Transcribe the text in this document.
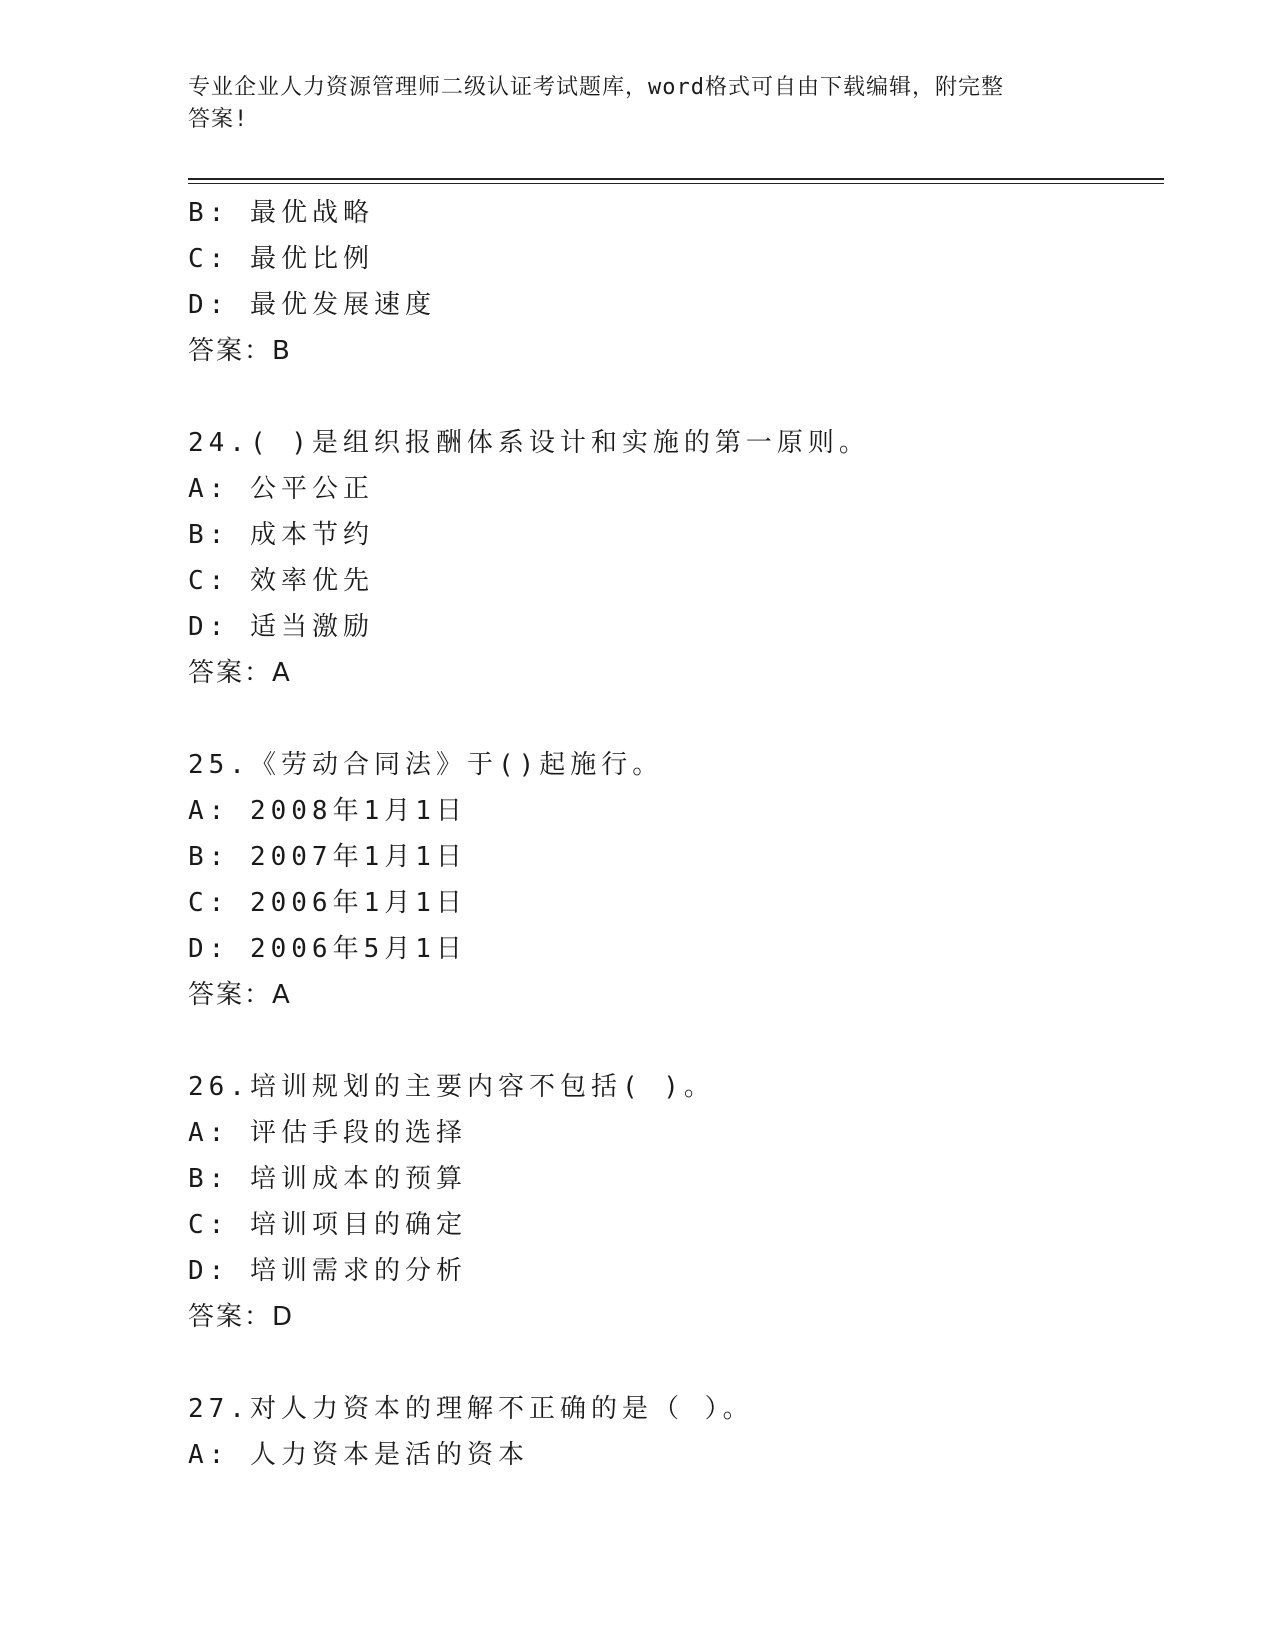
专业企业人力资源管理师二级认证考试题库，word格式可自由下载编辑，附完整
答案!
B: 最优战略
C: 最优比例
D: 最优发展速度
答案：B
24.( )是组织报酬体系设计和实施的第一原则。
A: 公平公正
B: 成本节约
C: 效率优先
D: 适当激励
答案：A
25.《劳动合同法》于()起施行。
A: 2008年1月1日
B: 2007年1月1日
C: 2006年1月1日
D: 2006年5月1日
答案：A
26.培训规划的主要内容不包括( )。
A: 评估手段的选择
B: 培训成本的预算
C: 培训项目的确定
D: 培训需求的分析
答案：D
27.对人力资本的理解不正确的是（ ）。
A: 人力资本是活的资本
